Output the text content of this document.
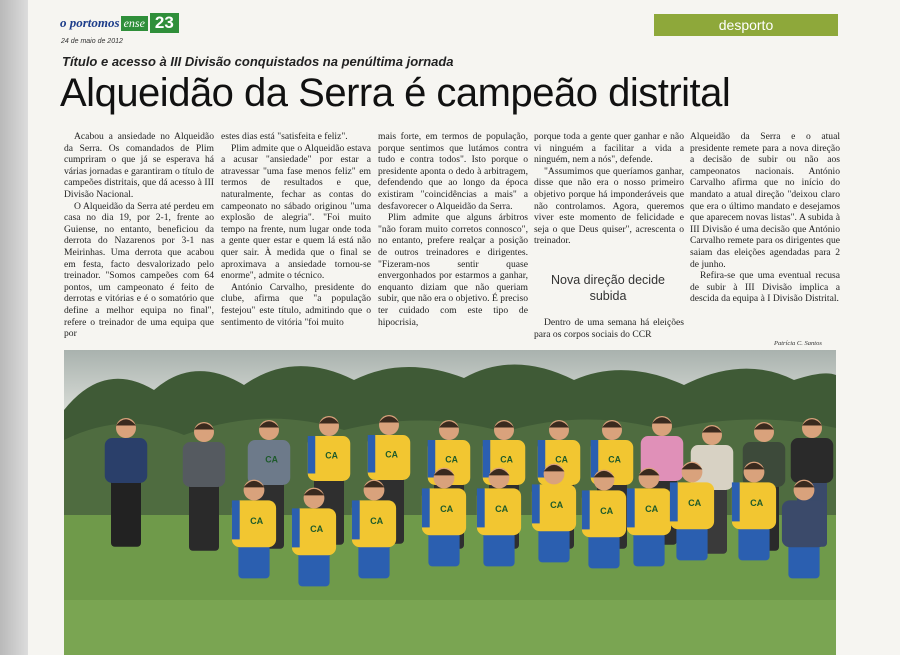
o portomos ense 23
24 de maio de 2012
desporto
Título e acesso à III Divisão conquistados na penúltima jornada
Alqueidão da Serra é campeão distrital

Acabou a ansiedade no Alqueidão da Serra. Os comandados de Plim cumpriram o que já se esperava há várias jornadas e garantiram o título de campeões distritais, que dá acesso à III Divisão Nacional.

O Alqueidão da Serra até perdeu em casa no dia 19, por 2-1, frente ao Guiense, no entanto, beneficiou da derrota do Nazarenos por 3-1 nas Meirinhas. Uma derrota que acabou em festa, facto desvalorizado pelo treinador. "Somos campeões com 64 pontos, um campeonato é feito de derrotas e vitórias e é o somatório que define a melhor equipa no final", refere o treinador de uma equipa que por

estes dias está "satisfeita e feliz".

Plim admite que o Alqueidão estava a acusar "ansiedade" por estar a atravessar "uma fase menos feliz" em termos de resultados e que, naturalmente, fechar as contas do campeonato no sábado originou "uma explosão de alegria". "Foi muito tempo na frente, num lugar onde toda a gente quer estar e quem lá está não quer sair. À medida que o final se aproximava a ansiedade tornou-se enorme", admite o técnico.

António Carvalho, presidente do clube, afirma que "a população festejou" este título, admitindo que o sentimento de vitória "foi muito

mais forte, em termos de população, porque sentimos que lutámos contra tudo e contra todos". Isto porque o presidente aponta o dedo à arbitragem, defendendo que ao longo da época existiram "coincidências a mais" a desfavorecer o Alqueidão da Serra.

Plim admite que alguns árbitros "não foram muito corretos connosco", no entanto, prefere realçar a posição de outros treinadores e dirigentes. "Fizeram-nos sentir quase envergonhados por estarmos a ganhar, enquanto diziam que não queriam subir, que não era o objetivo. É preciso ter cuidado com este tipo de hipocrisia,

porque toda a gente quer ganhar e não vi ninguém a facilitar a vida a ninguém, nem a nós", defende.

"Assumimos que queríamos ganhar, disse que não era o nosso primeiro objetivo porque há imponderáveis que não controlamos. Agora, queremos viver este momento de felicidade e seja o que Deus quiser", acrescenta o treinador.

Nova direção decide subida

Dentro de uma semana há eleições para os corpos sociais do CCR

Alqueidão da Serra e o atual presidente remete para a nova direção a decisão de subir ou não aos campeonatos nacionais. António Carvalho afirma que no início do mandato a atual direção "deixou claro que era o último mandato e desejamos que aparecem novas listas". A subida à III Divisão é uma decisão que António Carvalho remete para os dirigentes que saiam das eleições agendadas para 2 de junho.

Refira-se que uma eventual recusa de subir à III Divisão implica a descida da equipa à I Divisão Distrital.

Patrícia C. Santos
CA	CA	CA	CA	CA	CA	CA
CA
CA
CA
CA	CA	CA
CA	CA
CA	CA
